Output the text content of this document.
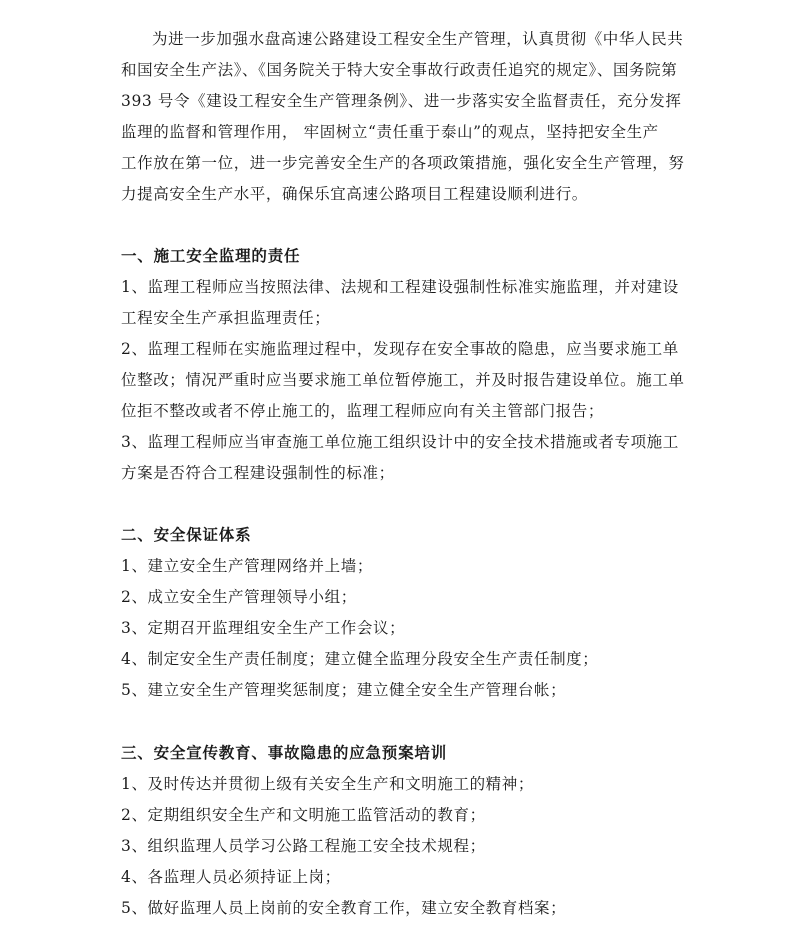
为进一步加强水盘高速公路建设工程安全生产管理，认真贯彻《中华人民共
和国安全生产法》、《国务院关于特大安全事故行政责任追究的规定》、国务院第
393 号令《建设工程安全生产管理条例》、进一步落实安全监督责任，充分发挥
监理的监督和管理作用， 牢固树立“责任重于泰山”的观点，坚持把安全生产
工作放在第一位，进一步完善安全生产的各项政策措施，强化安全生产管理，努
力提高安全生产水平，确保乐宜高速公路项目工程建设顺利进行。
一、施工安全监理的责任
1、监理工程师应当按照法律、法规和工程建设强制性标准实施监理，并对建设
工程安全生产承担监理责任；
2、监理工程师在实施监理过程中，发现存在安全事故的隐患，应当要求施工单
位整改；情况严重时应当要求施工单位暂停施工，并及时报告建设单位。施工单
位拒不整改或者不停止施工的，监理工程师应向有关主管部门报告；
3、监理工程师应当审查施工单位施工组织设计中的安全技术措施或者专项施工
方案是否符合工程建设强制性的标准；
二、安全保证体系
1、建立安全生产管理网络并上墙；
2、成立安全生产管理领导小组；
3、定期召开监理组安全生产工作会议；
4、制定安全生产责任制度；建立健全监理分段安全生产责任制度；
5、建立安全生产管理奖惩制度；建立健全安全生产管理台帐；
三、安全宣传教育、事故隐患的应急预案培训
1、及时传达并贯彻上级有关安全生产和文明施工的精神；
2、定期组织安全生产和文明施工监管活动的教育；
3、组织监理人员学习公路工程施工安全技术规程；
4、各监理人员必须持证上岗；
5、做好监理人员上岗前的安全教育工作，建立安全教育档案；
